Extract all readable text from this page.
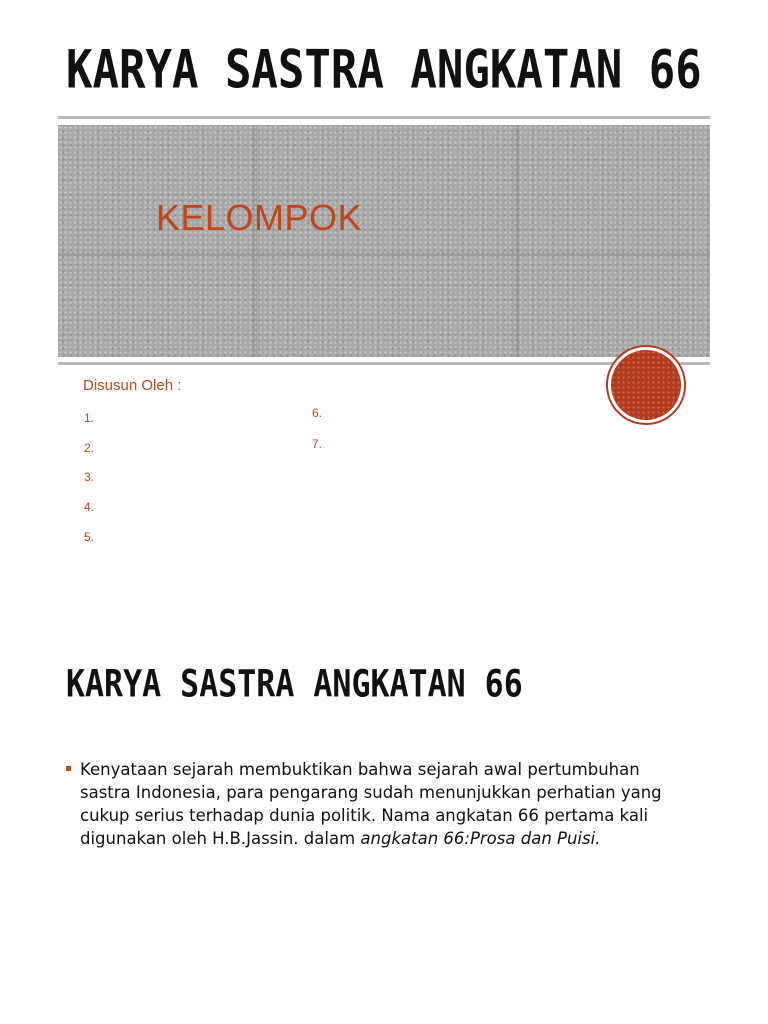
KARYA SASTRA ANGKATAN 66
KELOMPOK

Disusun Oleh :

1.
2.
3.
4.
5.
6.
7.
KARYA SASTRA ANGKATAN 66

Kenyataan sejarah membuktikan bahwa sejarah awal pertumbuhan sastra Indonesia, para pengarang sudah menunjukkan perhatian yang cukup serius terhadap dunia politik. Nama angkatan 66 pertama kali digunakan oleh H.B.Jassin. dalam angkatan 66:Prosa dan Puisi.
